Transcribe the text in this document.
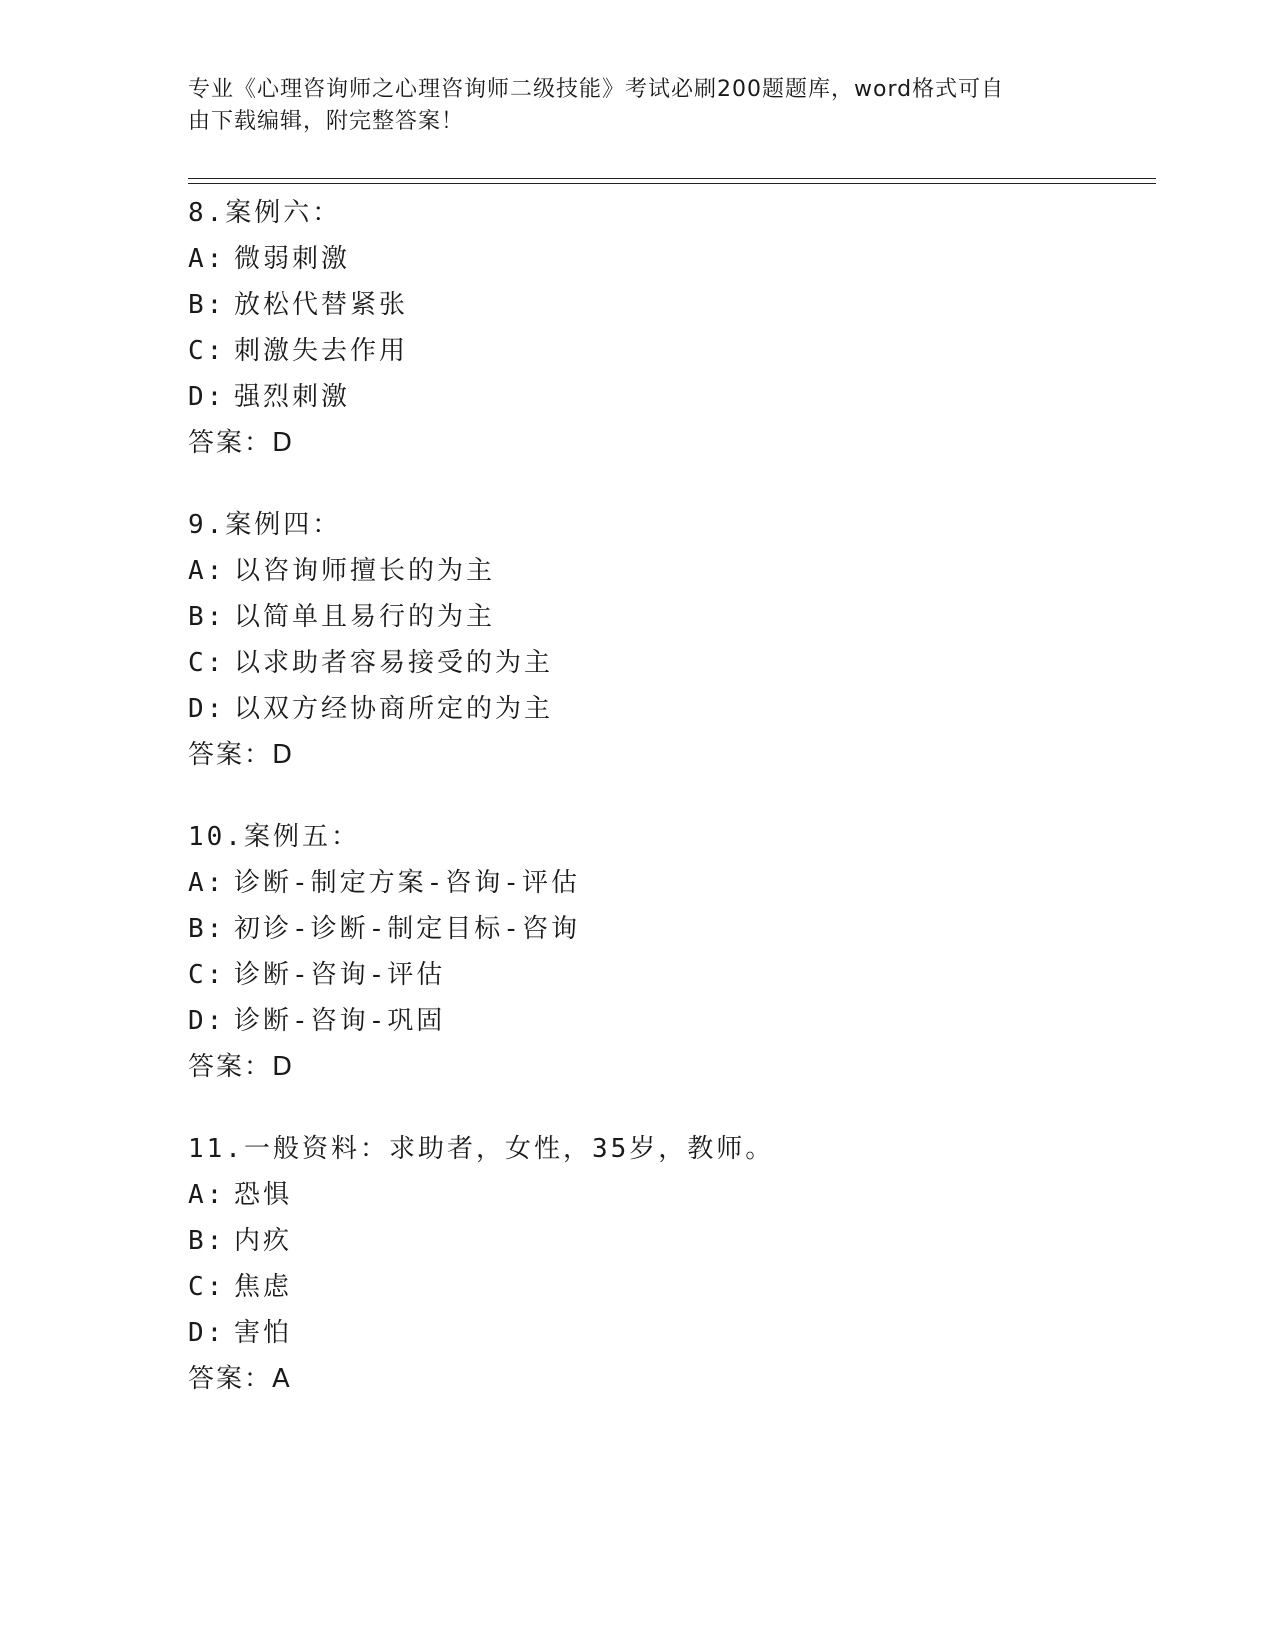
专业《心理咨询师之心理咨询师二级技能》考试必刷200题题库，word格式可自
由下载编辑，附完整答案！
8.案例六：
A: 微弱刺激
B: 放松代替紧张
C: 刺激失去作用
D: 强烈刺激
答案：D
9.案例四：
A: 以咨询师擅长的为主
B: 以简单且易行的为主
C: 以求助者容易接受的为主
D: 以双方经协商所定的为主
答案：D
10.案例五：
A: 诊断-制定方案-咨询-评估
B: 初诊-诊断-制定目标-咨询
C: 诊断-咨询-评估
D: 诊断-咨询-巩固
答案：D
11.一般资料：求助者，女性，35岁，教师。
A: 恐惧
B: 内疚
C: 焦虑
D: 害怕
答案：A
